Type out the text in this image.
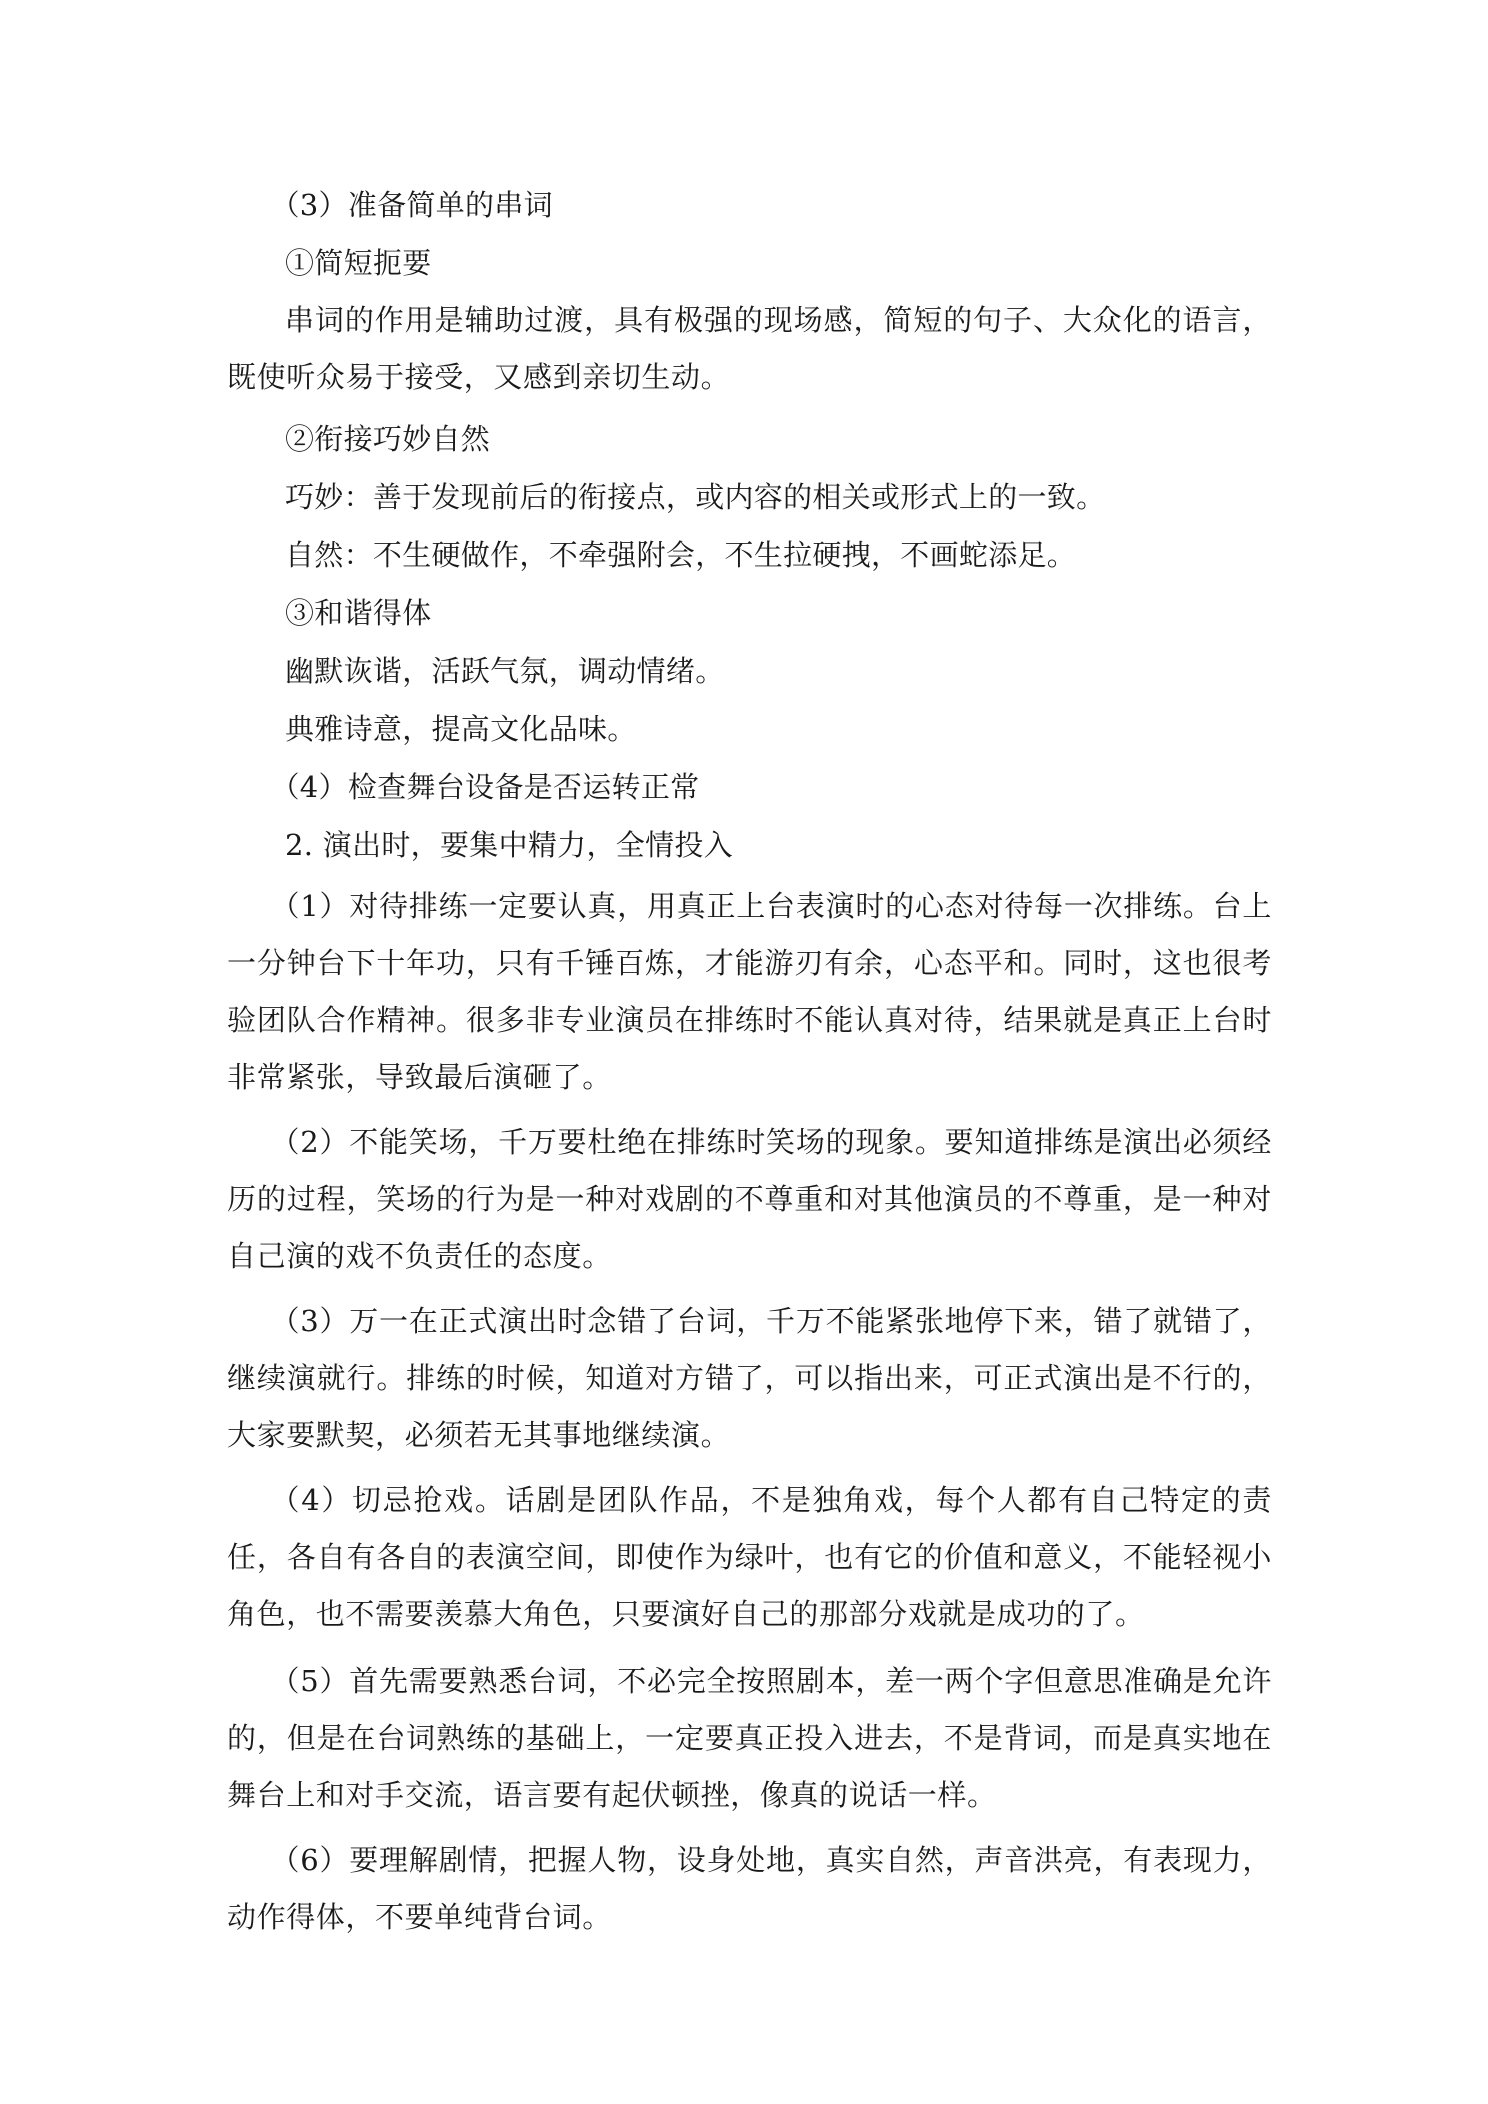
（3）准备简单的串词
①简短扼要
串词的作用是辅助过渡，具有极强的现场感，简短的句子、大众化的语言，既使听众易于接受，又感到亲切生动。
②衔接巧妙自然
巧妙：善于发现前后的衔接点，或内容的相关或形式上的一致。
自然：不生硬做作，不牵强附会，不生拉硬拽，不画蛇添足。
③和谐得体
幽默诙谐，活跃气氛，调动情绪。
典雅诗意，提高文化品味。
（4）检查舞台设备是否运转正常
2. 演出时，要集中精力，全情投入
（1）对待排练一定要认真，用真正上台表演时的心态对待每一次排练。台上一分钟台下十年功，只有千锤百炼，才能游刃有余，心态平和。同时，这也很考验团队合作精神。很多非专业演员在排练时不能认真对待，结果就是真正上台时非常紧张，导致最后演砸了。
（2）不能笑场，千万要杜绝在排练时笑场的现象。要知道排练是演出必须经历的过程，笑场的行为是一种对戏剧的不尊重和对其他演员的不尊重，是一种对自己演的戏不负责任的态度。
（3）万一在正式演出时念错了台词，千万不能紧张地停下来，错了就错了，继续演就行。排练的时候，知道对方错了，可以指出来，可正式演出是不行的，大家要默契，必须若无其事地继续演。
（4）切忌抢戏。话剧是团队作品，不是独角戏，每个人都有自己特定的责任，各自有各自的表演空间，即使作为绿叶，也有它的价值和意义，不能轻视小角色，也不需要羡慕大角色，只要演好自己的那部分戏就是成功的了。
（5）首先需要熟悉台词，不必完全按照剧本，差一两个字但意思准确是允许的，但是在台词熟练的基础上，一定要真正投入进去，不是背词，而是真实地在舞台上和对手交流，语言要有起伏顿挫，像真的说话一样。
（6）要理解剧情，把握人物，设身处地，真实自然，声音洪亮，有表现力，动作得体，不要单纯背台词。
